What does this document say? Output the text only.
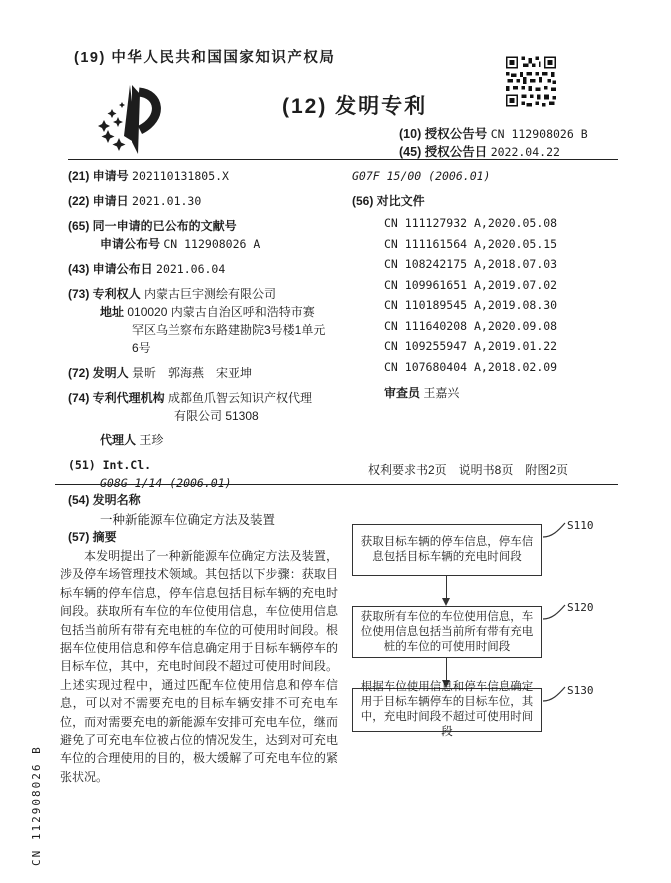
CN 112908026 B
(19) 中华人民共和国国家知识产权局
(12) 发明专利
(10) 授权公告号 CN 112908026 B
(45) 授权公告日 2022.04.22
(21) 申请号 202110131805.X
(22) 申请日 2021.01.30
(65) 同一申请的已公布的文献号
申请公布号 CN 112908026 A
(43) 申请公布日 2021.06.04
(73) 专利权人 内蒙古巨宇测绘有限公司
地址 010020 内蒙古自治区呼和浩特市赛
罕区乌兰察布东路建勘院3号楼1单元
6号
(72) 发明人 景昕　郭海燕　宋亚坤
(74) 专利代理机构 成都鱼爪智云知识产权代理
有限公司 51308
代理人 王珍
(51) Int.Cl.
G08G 1/14 (2006.01)
G07F 15/00 (2006.01)
(56) 对比文件
CN 111127932 A,2020.05.08
CN 111161564 A,2020.05.15
CN 108242175 A,2018.07.03
CN 109961651 A,2019.07.02
CN 110189545 A,2019.08.30
CN 111640208 A,2020.09.08
CN 109255947 A,2019.01.22
CN 107680404 A,2018.02.09
审查员 王嘉兴
权利要求书2页　说明书8页　附图2页
(54) 发明名称
一种新能源车位确定方法及装置
(57) 摘要
本发明提出了一种新能源车位确定方法及装置，涉及停车场管理技术领域。其包括以下步骤：获取目标车辆的停车信息，停车信息包括目标车辆的充电时间段。获取所有车位的车位使用信息，车位使用信息包括当前所有带有充电桩的车位的可使用时间段。根据车位使用信息和停车信息确定用于目标车辆停车的目标车位，其中，充电时间段不超过可使用时间段。上述实现过程中，通过匹配车位使用信息和停车信息，可以对不需要充电的目标车辆安排不可充电车位，而对需要充电的新能源车安排可充电车位，继而避免了可充电车位被占位的情况发生，达到对可充电车位的合理使用的目的，极大缓解了可充电车位的紧张状况。
获取目标车辆的停车信息，停车信息包括目标车辆的充电时间段
获取所有车位的车位使用信息，车位使用信息包括当前所有带有充电桩的车位的可使用时间段
根据车位使用信息和停车信息确定用于目标车辆停车的目标车位，其中，充电时间段不超过可使用时间段
S110
S120
S130
